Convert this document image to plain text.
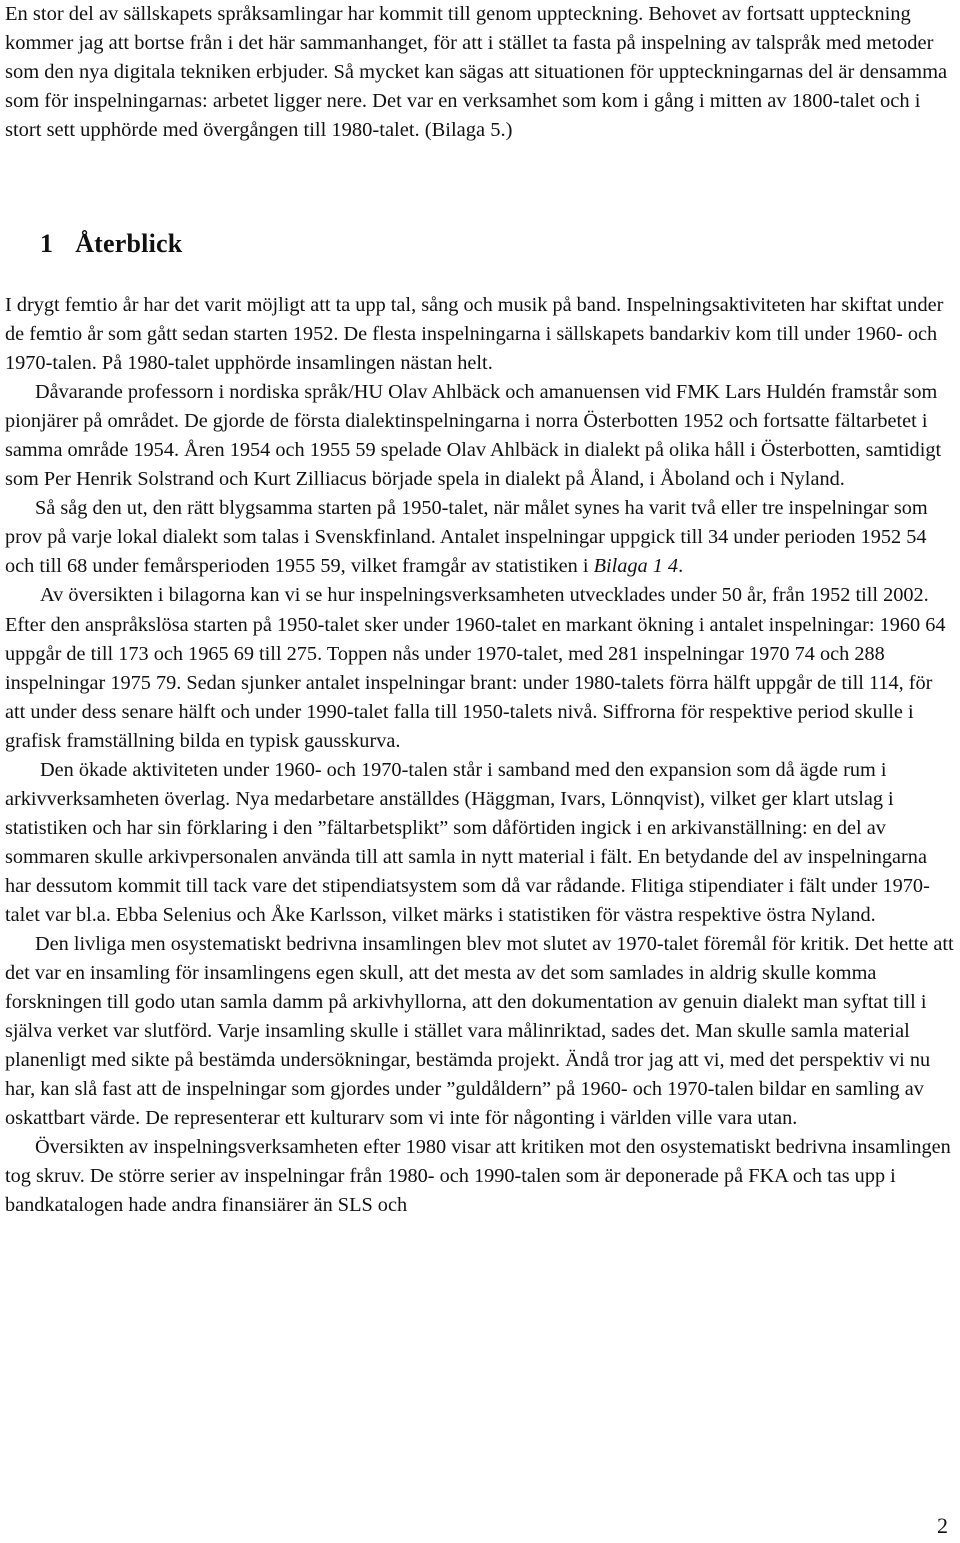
En stor del av sällskapets språksamlingar har kommit till genom uppteckning. Behovet av fortsatt uppteckning kommer jag att bortse från i det här sammanhanget, för att i stället ta fasta på inspelning av talspråk med metoder som den nya digitala tekniken erbjuder. Så mycket kan sägas att situationen för uppteckningarnas del är densamma som för inspelningarnas: arbetet ligger nere. Det var en verksamhet som kom i gång i mitten av 1800-talet och i stort sett upphörde med övergången till 1980-talet. (Bilaga 5.)

1 Återblick

I drygt femtio år har det varit möjligt att ta upp tal, sång och musik på band. Inspelningsaktiviteten har skiftat under de femtio år som gått sedan starten 1952. De flesta inspelningarna i sällskapets bandarkiv kom till under 1960- och 1970-talen. På 1980-talet upphörde insamlingen nästan helt.

Dåvarande professorn i nordiska språk/HU Olav Ahlbäck och amanuensen vid FMK Lars Huldén framstår som pionjärer på området. De gjorde de första dialektinspelningarna i norra Österbotten 1952 och fortsatte fältarbetet i samma område 1954. Åren 1954 och 1955 59 spelade Olav Ahlbäck in dialekt på olika håll i Österbotten, samtidigt som Per Henrik Solstrand och Kurt Zilliacus började spela in dialekt på Åland, i Åboland och i Nyland.

Så såg den ut, den rätt blygsamma starten på 1950-talet, när målet synes ha varit två eller tre inspelningar som prov på varje lokal dialekt som talas i Svenskfinland. Antalet inspelningar uppgick till 34 under perioden 1952 54 och till 68 under femårsperioden 1955 59, vilket framgår av statistiken i Bilaga 1 4.

Av översikten i bilagorna kan vi se hur inspelningsverksamheten utvecklades under 50 år, från 1952 till 2002. Efter den anspråkslösa starten på 1950-talet sker under 1960-talet en markant ökning i antalet inspelningar: 1960 64 uppgår de till 173 och 1965 69 till 275. Toppen nås under 1970-talet, med 281 inspelningar 1970 74 och 288 inspelningar 1975 79. Sedan sjunker antalet inspelningar brant: under 1980-talets förra hälft uppgår de till 114, för att under dess senare hälft och under 1990-talet falla till 1950-talets nivå. Siffrorna för respektive period skulle i grafisk framställning bilda en typisk gausskurva.

Den ökade aktiviteten under 1960- och 1970-talen står i samband med den expansion som då ägde rum i arkivverksamheten överlag. Nya medarbetare anställdes (Häggman, Ivars, Lönnqvist), vilket ger klart utslag i statistiken och har sin förklaring i den ”fältarbetsplikt” som dåförtiden ingick i en arkivanställning: en del av sommaren skulle arkivpersonalen använda till att samla in nytt material i fält. En betydande del av inspelningarna har dessutom kommit till tack vare det stipendiatsystem som då var rådande. Flitiga stipendiater i fält under 1970-talet var bl.a. Ebba Selenius och Åke Karlsson, vilket märks i statistiken för västra respektive östra Nyland.

Den livliga men osystematiskt bedrivna insamlingen blev mot slutet av 1970-talet föremål för kritik. Det hette att det var en insamling för insamlingens egen skull, att det mesta av det som samlades in aldrig skulle komma forskningen till godo utan samla damm på arkivhyllorna, att den dokumentation av genuin dialekt man syftat till i själva verket var slutförd. Varje insamling skulle i stället vara målinriktad, sades det. Man skulle samla material planenligt med sikte på bestämda undersökningar, bestämda projekt. Ändå tror jag att vi, med det perspektiv vi nu har, kan slå fast att de inspelningar som gjordes under ”guldåldern” på 1960- och 1970-talen bildar en samling av oskattbart värde. De representerar ett kulturarv som vi inte för någonting i världen ville vara utan.

Översikten av inspelningsverksamheten efter 1980 visar att kritiken mot den osystematiskt bedrivna insamlingen tog skruv. De större serier av inspelningar från 1980- och 1990-talen som är deponerade på FKA och tas upp i bandkatalogen hade andra finansiärer än SLS och

2
